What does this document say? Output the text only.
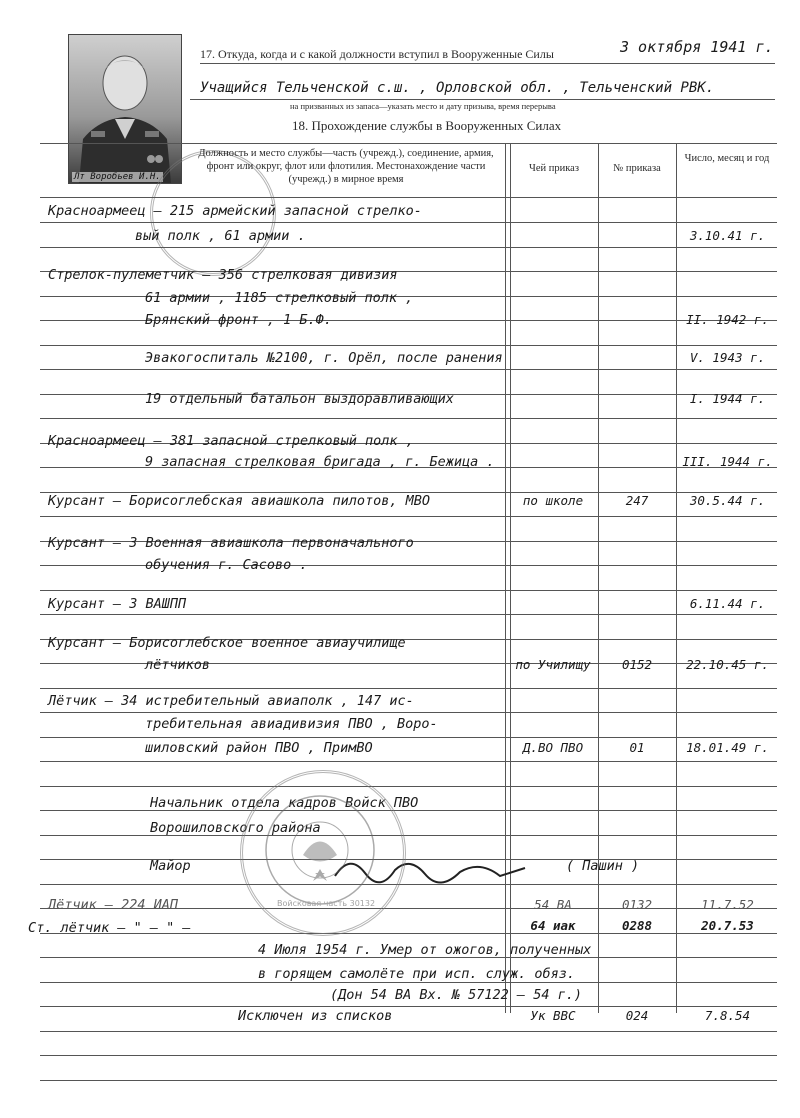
Лт Воробьев И.Н.
17. Откуда, когда и с какой должности вступил в Вооруженные Силы	3 октября 1941 г.
Учащийся Тельченской с.ш. , Орловской обл. , Тельченский РВК.
на призванных из запаса—указать место и дату призыва, время перерыва
18. Прохождение службы в Вооруженных Силах
Должность и место службы—часть (учрежд.), соединение, армия, фронт или округ, флот или флотилия. Местонахождение части (учрежд.) в мирное время
Чей приказ	№ приказа
Число, месяц и год
Красноармеец – 215 армейский запасной стрелко-
вый полк , 61 армии .	3.10.41 г.
Стрелок-пулеметчик – 356 стрелковая дивизия
61 армии , 1185 стрелковый полк ,
Брянский фронт , 1 Б.Ф.	II. 1942 г.
Эвакогоспиталь №2100, г. Орёл, после ранения	V. 1943 г.
19 отдельный батальон выздоравливающих	I. 1944 г.
Красноармеец – 381 запасной стрелковый полк ,
9 запасная стрелковая бригада , г. Бежица .	III. 1944 г.
Курсант – Борисоглебская авиашкола пилотов, МВО	по школе	247	30.5.44 г.
Курсант – 3 Военная авиашкола первоначального
обучения г. Сасово .
Курсант – 3 ВАШПП	6.11.44 г.
Курсант – Борисоглебское военное авиаучилище
лётчиков	по Училищу	0152	22.10.45 г.
Лётчик – 34 истребительный авиаполк , 147 ис-
требительная авиадивизия ПВО , Воро-
шиловский район ПВО , ПримВО	Д.ВО ПВО	01	18.01.49 г.
Начальник отдела кадров Войск ПВО
Ворошиловского района
Майор	( Пашин )
Войсковая часть 30132
Лётчик – 224 ИАП	54 ВА	0132	11.7.52
Ст. лётчик – " – " –	64 иак	0288	20.7.53
4 Июля 1954 г. Умер от ожогов, полученных
в горящем самолёте при исп. служ. обяз.
(Дон 54 ВА Вх. № 57122 – 54 г.)
Исключен из списков	Ук ВВС	024	7.8.54
